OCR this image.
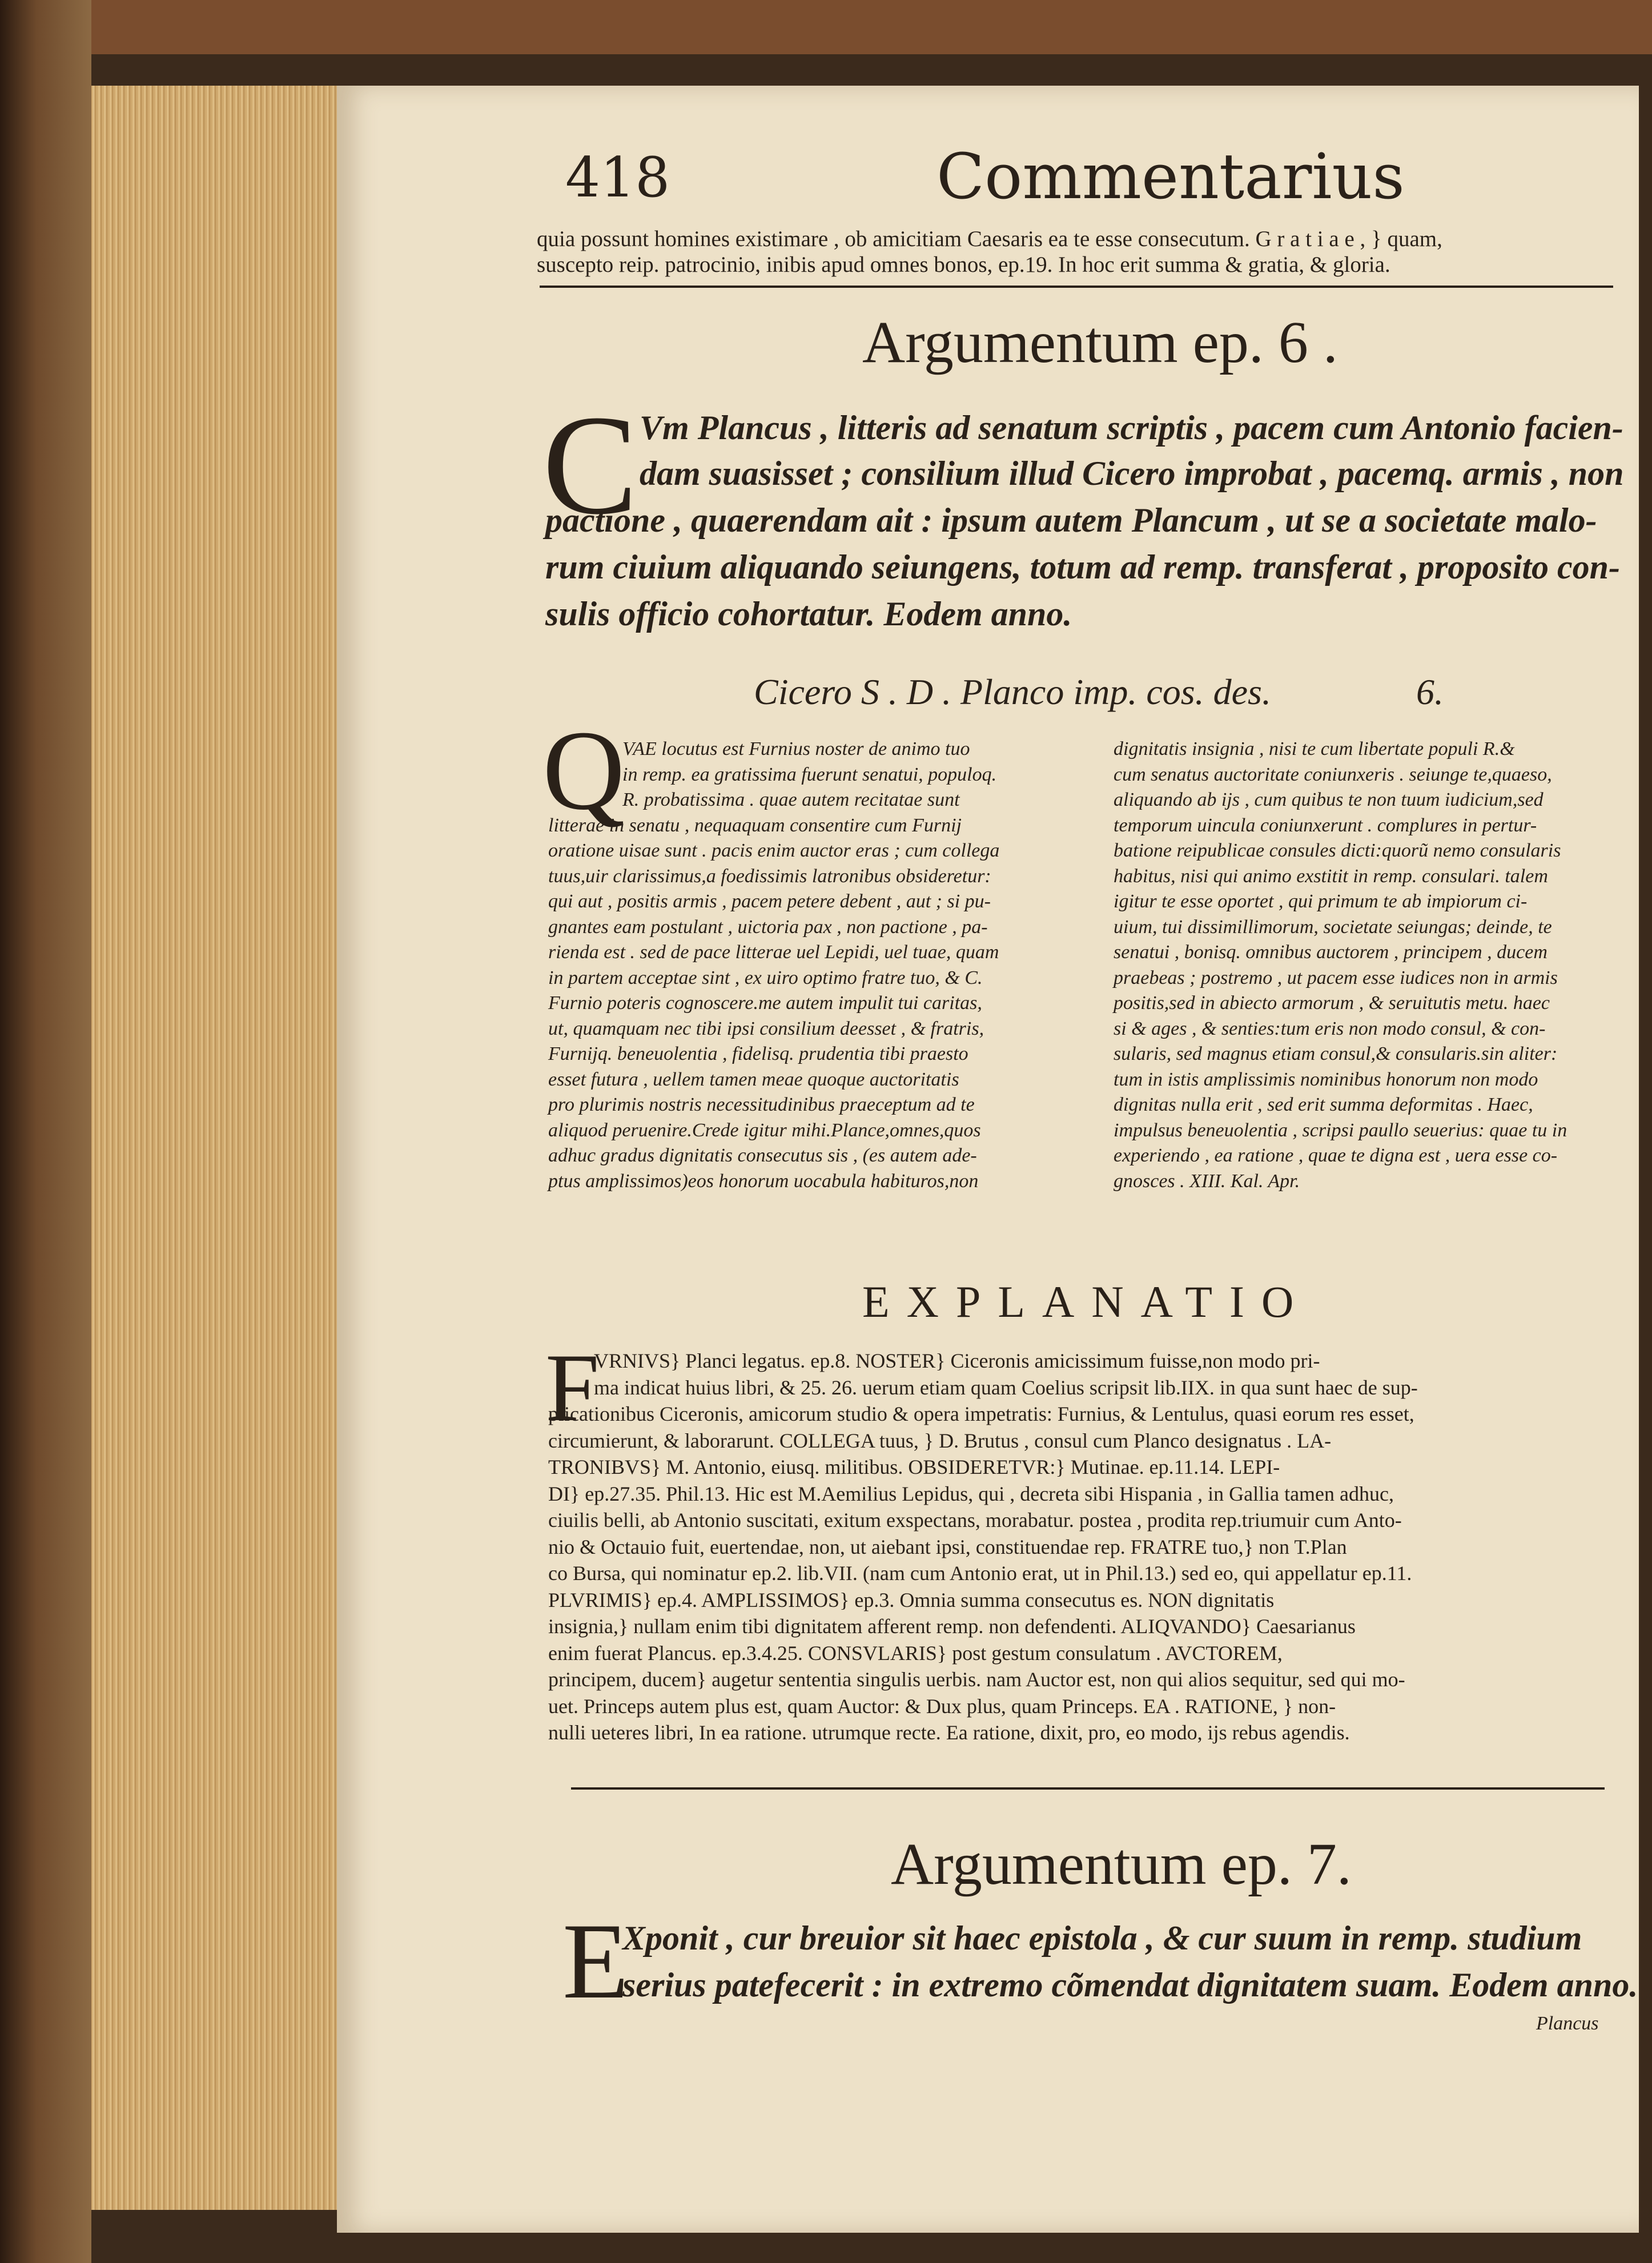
418	Commentarius
quia possunt homines existimare , ob amicitiam Caesaris ea te esse consecutum. G r a t i a e , } quam,
suscepto reip. patrocinio, inibis apud omnes bonos, ep.19. In hoc erit summa & gratia, & gloria.
Argumentum ep. 6 .
C Vm Plancus , litteris ad senatum scriptis , pacem cum Antonio facien-
dam suasisset ; consilium illud Cicero improbat , pacemq. armis , non
pactione , quaerendam ait : ipsum autem Plancum , ut se a societate malo-
rum ciuium aliquando seiungens, totum ad remp. transferat , proposito con-
sulis officio cohortatur. Eodem anno.
Cicero S . D . Planco imp. cos. des.	6.
Q
VAE locutus est Furnius noster de animo tuo
in remp. ea gratissima fuerunt senatui, populoq.
R. probatissima . quae autem recitatae sunt
litterae in senatu , nequaquam consentire cum Furnij
oratione uisae sunt . pacis enim auctor eras ; cum collega
tuus,uir clarissimus,a foedissimis latronibus obsideretur:
qui aut , positis armis , pacem petere debent , aut ; si pu-
gnantes eam postulant , uictoria pax , non pactione , pa-
rienda est . sed de pace litterae uel Lepidi, uel tuae, quam
in partem acceptae sint , ex uiro optimo fratre tuo, & C.
Furnio poteris cognoscere.me autem impulit tui caritas,
ut, quamquam nec tibi ipsi consilium deesset , & fratris,
Furnijq. beneuolentia , fidelisq. prudentia tibi praesto
esset futura , uellem tamen meae quoque auctoritatis
pro plurimis nostris necessitudinibus praeceptum ad te
aliquod peruenire.Crede igitur mihi.Plance,omnes,quos
adhuc gradus dignitatis consecutus sis , (es autem ade-
ptus amplissimos)eos honorum uocabula habituros,non
dignitatis insignia , nisi te cum libertate populi R.&
cum senatus auctoritate coniunxeris . seiunge te,quaeso,
aliquando ab ijs , cum quibus te non tuum iudicium,sed
temporum uincula coniunxerunt . complures in pertur-
batione reipublicae consules dicti:quorũ nemo consularis
habitus, nisi qui animo exstitit in remp. consulari. talem
igitur te esse oportet , qui primum te ab impiorum ci-
uium, tui dissimillimorum, societate seiungas; deinde, te
senatui , bonisq. omnibus auctorem , principem , ducem
praebeas ; postremo , ut pacem esse iudices non in armis
positis,sed in abiecto armorum , & seruitutis metu. haec
si & ages , & senties:tum eris non modo consul, & con-
sularis, sed magnus etiam consul,& consularis.sin aliter:
tum in istis amplissimis nominibus honorum non modo
dignitas nulla erit , sed erit summa deformitas . Haec,
impulsus beneuolentia , scripsi paullo seuerius: quae tu in
experiendo , ea ratione , quae te digna est , uera esse co-
gnosces . XIII. Kal. Apr.
EXPLANATIO
F
VRNIVS} Planci legatus. ep.8. NOSTER} Ciceronis amicissimum fuisse,non modo pri-
ma indicat huius libri, & 25. 26. uerum etiam quam Coelius scripsit lib.IIX. in qua sunt haec de sup-
plicationibus Ciceronis, amicorum studio & opera impetratis: Furnius, & Lentulus, quasi eorum res esset,
circumierunt, & laborarunt. COLLEGA tuus, } D. Brutus , consul cum Planco designatus . LA-
TRONIBVS} M. Antonio, eiusq. militibus. OBSIDERETVR:} Mutinae. ep.11.14. LEPI-
DI} ep.27.35. Phil.13. Hic est M.Aemilius Lepidus, qui , decreta sibi Hispania , in Gallia tamen adhuc,
ciuilis belli, ab Antonio suscitati, exitum exspectans, morabatur. postea , prodita rep.triumuir cum Anto-
nio & Octauio fuit, euertendae, non, ut aiebant ipsi, constituendae rep. FRATRE tuo,} non T.Plan
co Bursa, qui nominatur ep.2. lib.VII. (nam cum Antonio erat, ut in Phil.13.) sed eo, qui appellatur ep.11.
PLVRIMIS} ep.4. AMPLISSIMOS} ep.3. Omnia summa consecutus es. NON dignitatis
insignia,} nullam enim tibi dignitatem afferent remp. non defendenti. ALIQVANDO} Caesarianus
enim fuerat Plancus. ep.3.4.25. CONSVLARIS} post gestum consulatum . AVCTOREM,
principem, ducem} augetur sententia singulis uerbis. nam Auctor est, non qui alios sequitur, sed qui mo-
uet. Princeps autem plus est, quam Auctor: & Dux plus, quam Princeps. EA . RATIONE, } non-
nulli ueteres libri, In ea ratione. utrumque recte. Ea ratione, dixit, pro, eo modo, ijs rebus agendis.
Argumentum ep. 7.
E
Xponit , cur breuior sit haec epistola , & cur suum in remp. studium
serius patefecerit : in extremo cõmendat dignitatem suam. Eodem anno.
Plancus
